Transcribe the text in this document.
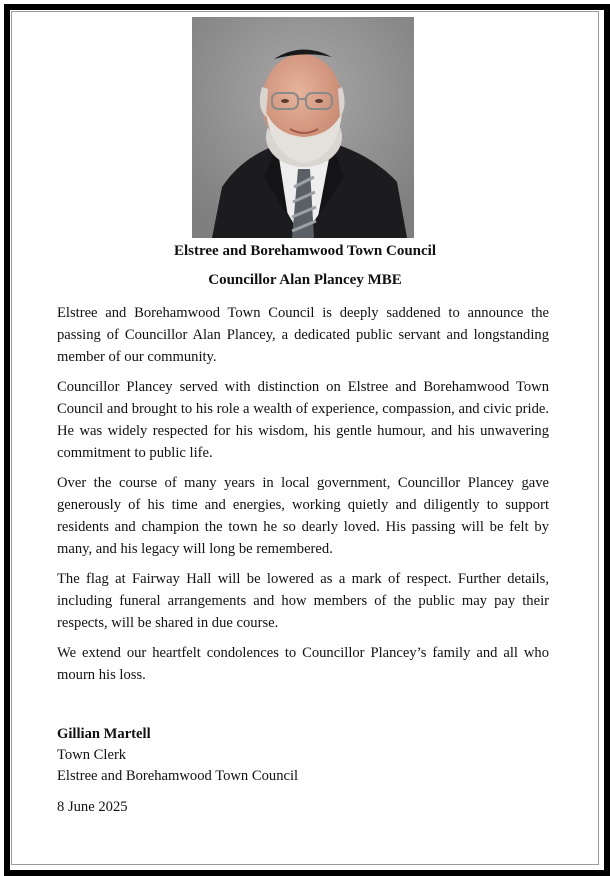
Elstree and Borehamwood Town Council
Councillor Alan Plancey MBE

Elstree and Borehamwood Town Council is deeply saddened to announce the passing of Councillor Alan Plancey, a dedicated public servant and longstanding member of our community.

Councillor Plancey served with distinction on Elstree and Borehamwood Town Council and brought to his role a wealth of experience, compassion, and civic pride. He was widely respected for his wisdom, his gentle humour, and his unwavering commitment to public life.

Over the course of many years in local government, Councillor Plancey gave generously of his time and energies, working quietly and diligently to support residents and champion the town he so dearly loved. His passing will be felt by many, and his legacy will long be remembered.

The flag at Fairway Hall will be lowered as a mark of respect. Further details, including funeral arrangements and how members of the public may pay their respects, will be shared in due course.

We extend our heartfelt condolences to Councillor Plancey’s family and all who mourn his loss.

Gillian Martell
Town Clerk
Elstree and Borehamwood Town Council
8 June 2025
